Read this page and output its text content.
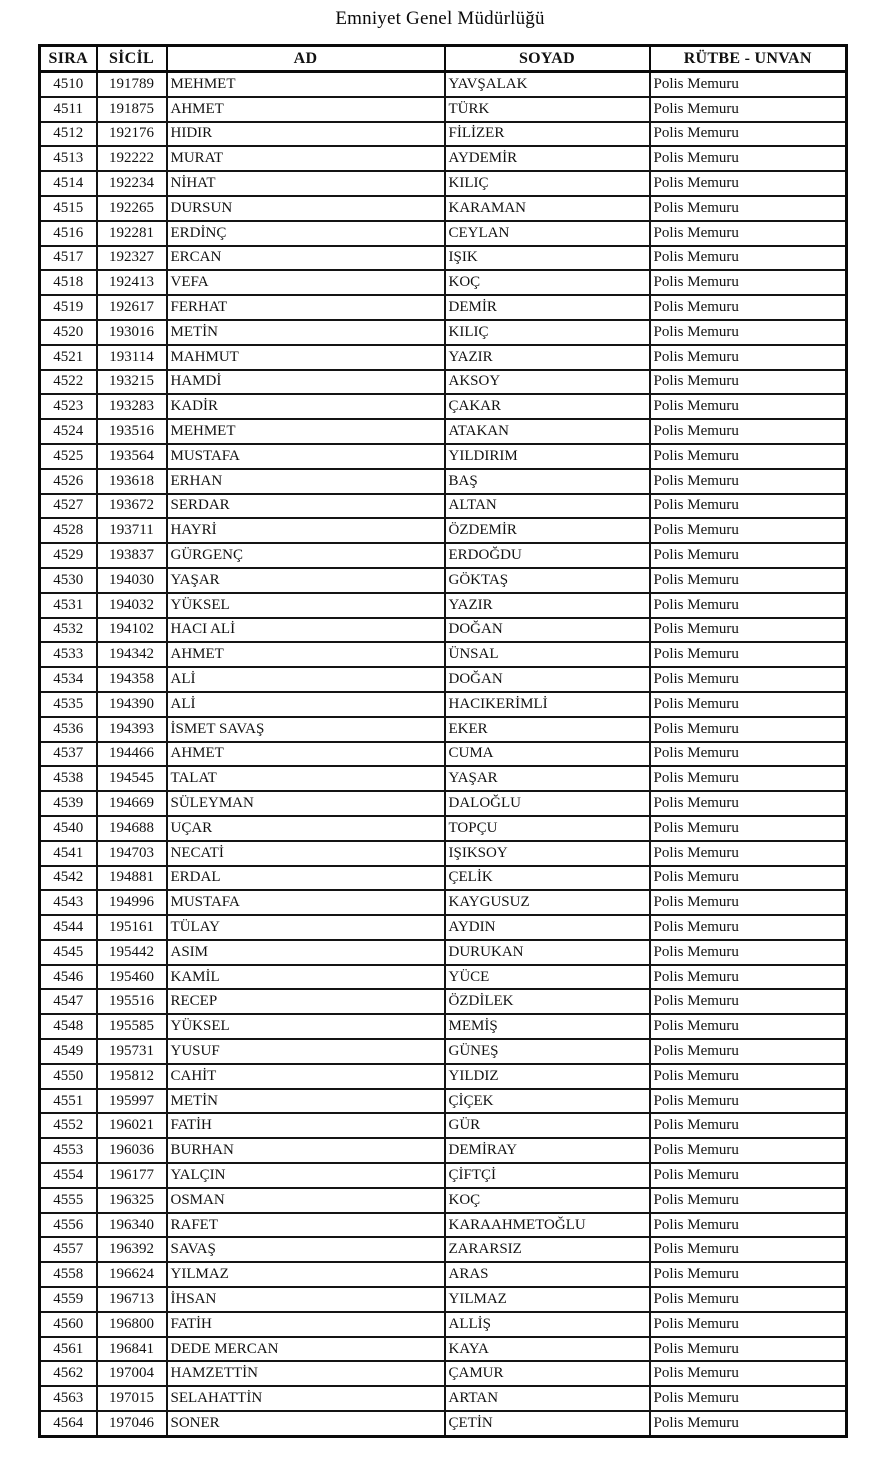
Emniyet Genel Müdürlüğü
SIRA	SİCİL	AD	SOYAD	RÜTBE - UNVAN
4510	191789	MEHMET	YAVŞALAK	Polis Memuru
4511	191875	AHMET	TÜRK	Polis Memuru
4512	192176	HIDIR	FİLİZER	Polis Memuru
4513	192222	MURAT	AYDEMİR	Polis Memuru
4514	192234	NİHAT	KILIÇ	Polis Memuru
4515	192265	DURSUN	KARAMAN	Polis Memuru
4516	192281	ERDİNÇ	CEYLAN	Polis Memuru
4517	192327	ERCAN	IŞIK	Polis Memuru
4518	192413	VEFA	KOÇ	Polis Memuru
4519	192617	FERHAT	DEMİR	Polis Memuru
4520	193016	METİN	KILIÇ	Polis Memuru
4521	193114	MAHMUT	YAZIR	Polis Memuru
4522	193215	HAMDİ	AKSOY	Polis Memuru
4523	193283	KADİR	ÇAKAR	Polis Memuru
4524	193516	MEHMET	ATAKAN	Polis Memuru
4525	193564	MUSTAFA	YILDIRIM	Polis Memuru
4526	193618	ERHAN	BAŞ	Polis Memuru
4527	193672	SERDAR	ALTAN	Polis Memuru
4528	193711	HAYRİ	ÖZDEMİR	Polis Memuru
4529	193837	GÜRGENÇ	ERDOĞDU	Polis Memuru
4530	194030	YAŞAR	GÖKTAŞ	Polis Memuru
4531	194032	YÜKSEL	YAZIR	Polis Memuru
4532	194102	HACI ALİ	DOĞAN	Polis Memuru
4533	194342	AHMET	ÜNSAL	Polis Memuru
4534	194358	ALİ	DOĞAN	Polis Memuru
4535	194390	ALİ	HACIKERİMLİ	Polis Memuru
4536	194393	İSMET SAVAŞ	EKER	Polis Memuru
4537	194466	AHMET	CUMA	Polis Memuru
4538	194545	TALAT	YAŞAR	Polis Memuru
4539	194669	SÜLEYMAN	DALOĞLU	Polis Memuru
4540	194688	UÇAR	TOPÇU	Polis Memuru
4541	194703	NECATİ	IŞIKSOY	Polis Memuru
4542	194881	ERDAL	ÇELİK	Polis Memuru
4543	194996	MUSTAFA	KAYGUSUZ	Polis Memuru
4544	195161	TÜLAY	AYDIN	Polis Memuru
4545	195442	ASIM	DURUKAN	Polis Memuru
4546	195460	KAMİL	YÜCE	Polis Memuru
4547	195516	RECEP	ÖZDİLEK	Polis Memuru
4548	195585	YÜKSEL	MEMİŞ	Polis Memuru
4549	195731	YUSUF	GÜNEŞ	Polis Memuru
4550	195812	CAHİT	YILDIZ	Polis Memuru
4551	195997	METİN	ÇİÇEK	Polis Memuru
4552	196021	FATİH	GÜR	Polis Memuru
4553	196036	BURHAN	DEMİRAY	Polis Memuru
4554	196177	YALÇIN	ÇİFTÇİ	Polis Memuru
4555	196325	OSMAN	KOÇ	Polis Memuru
4556	196340	RAFET	KARAAHMETOĞLU	Polis Memuru
4557	196392	SAVAŞ	ZARARSIZ	Polis Memuru
4558	196624	YILMAZ	ARAS	Polis Memuru
4559	196713	İHSAN	YILMAZ	Polis Memuru
4560	196800	FATİH	ALLİŞ	Polis Memuru
4561	196841	DEDE MERCAN	KAYA	Polis Memuru
4562	197004	HAMZETTİN	ÇAMUR	Polis Memuru
4563	197015	SELAHATTİN	ARTAN	Polis Memuru
4564	197046	SONER	ÇETİN	Polis Memuru
